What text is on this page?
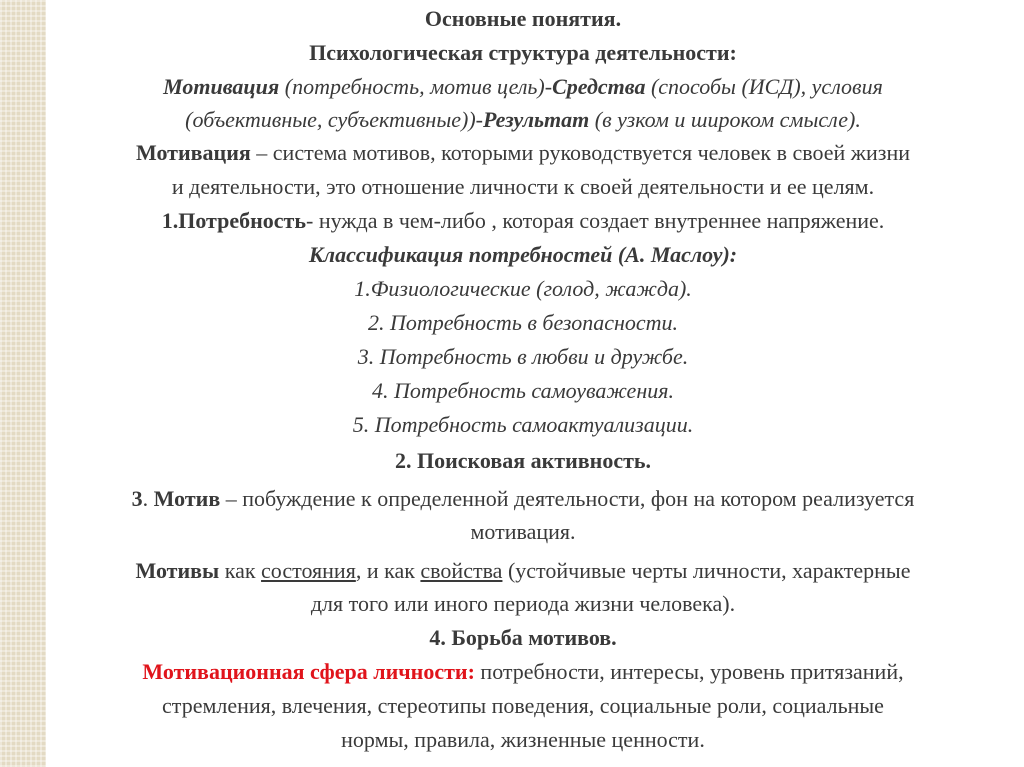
Основные понятия.
Психологическая структура деятельности:
Мотивация (потребность, мотив цель)-Средства (способы (ИСД), условия
(объективные, субъективные))-Результат (в узком и широком смысле).
Мотивация – система мотивов, которыми руководствуется человек в своей жизни
и деятельности, это отношение личности к своей деятельности и ее целям.
1.Потребность- нужда в чем-либо , которая создает внутреннее напряжение.
Классификация потребностей (А. Маслоу):
1.Физиологические (голод, жажда).
2. Потребность в безопасности.
3. Потребность в любви и дружбе.
4. Потребность самоуважения.
5. Потребность самоактуализации.
2. Поисковая активность.
3. Мотив – побуждение к определенной деятельности, фон на котором реализуется
мотивация.
Мотивы как состояния, и как свойства (устойчивые черты личности, характерные
для того или иного периода жизни человека).
4. Борьба мотивов.
Мотивационная сфера личности: потребности, интересы, уровень притязаний,
стремления, влечения, стереотипы поведения, социальные роли, социальные
нормы, правила, жизненные ценности.
